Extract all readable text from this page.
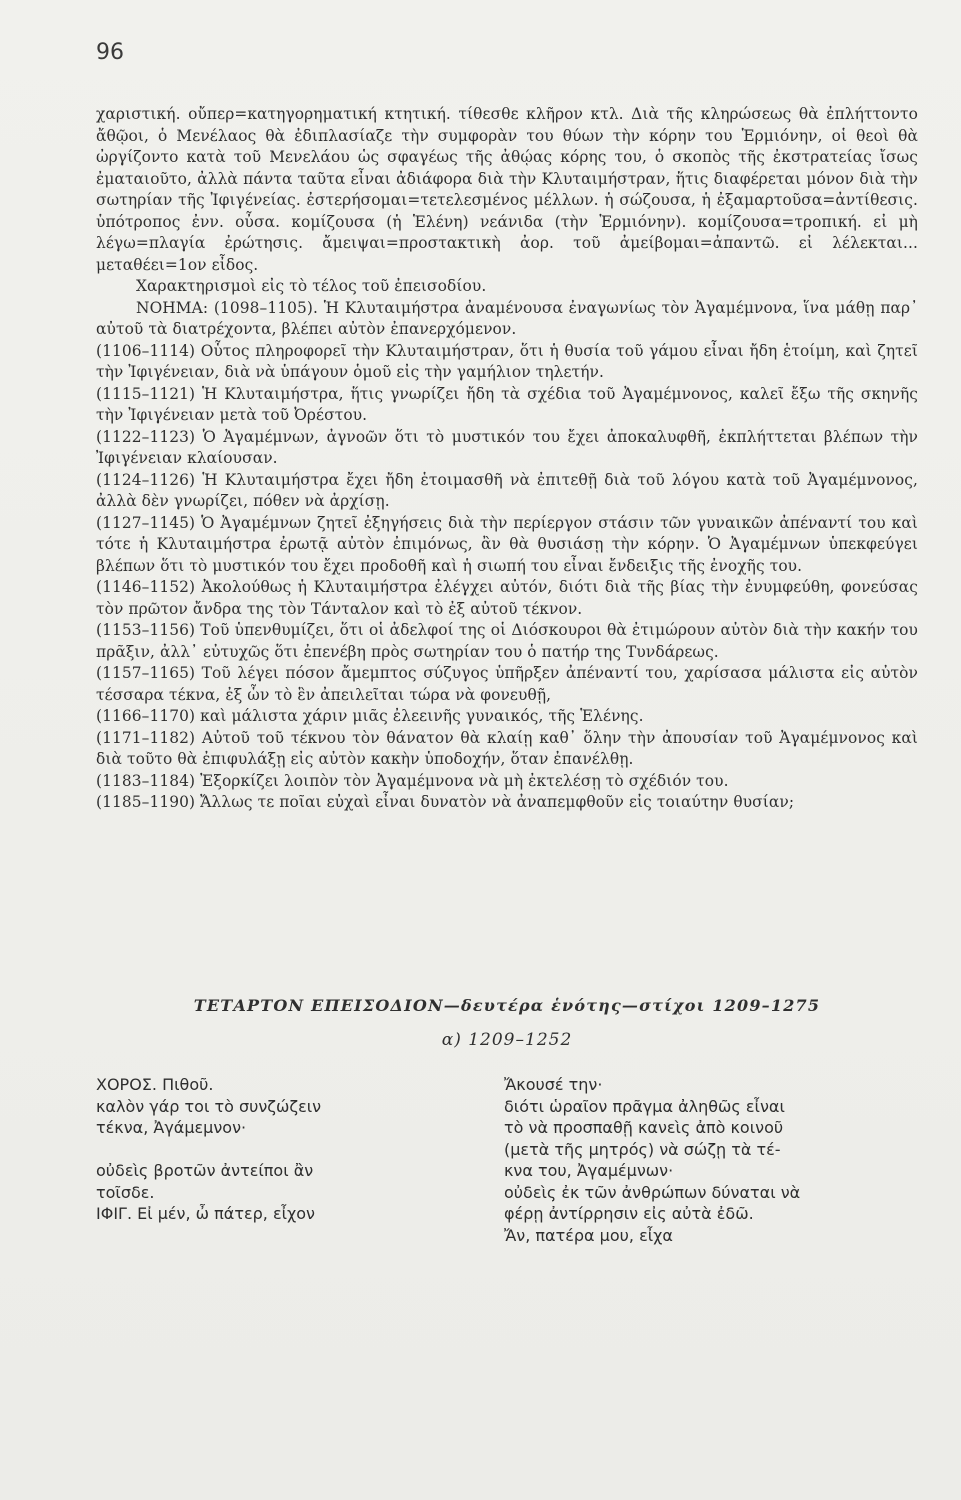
96

χαριστική. οὔπερ=κατηγορηματική κτητική. τίθεσθε κλῆρον κτλ. Διὰ τῆς κληρώσεως θὰ ἐπλήττοντο ἄθῷοι, ὁ Μενέλαος θὰ ἐδιπλασίαζε τὴν συμφορὰν του θύων τὴν κόρην του Ἑρμιόνην, οἱ θεοὶ θὰ ὠργίζοντο κατὰ τοῦ Μενελάου ὡς σφαγέως τῆς ἀθῴας κόρης του, ὁ σκοπὸς τῆς ἐκστρατείας ἴσως ἐματαιοῦτο, ἀλλὰ πάντα ταῦτα εἶναι ἀδιάφορα διὰ τὴν Κλυταιμήστραν, ἥτις διαφέρεται μόνον διὰ τὴν σωτηρίαν τῆς Ἰφιγένείας. ἐστερήσομαι=τετελεσμένος μέλλων. ἡ σώζουσα, ἡ ἐξαμαρτοῦσα=ἀντίθεσις. ὑπότροπος ἐνν. οὖσα. κομίζουσα (ἡ Ἑλένη) νεάνιδα (τὴν Ἑρμιόνην). κομίζουσα=τροπική. εἰ μὴ λέγω=πλαγία ἐρώτησις. ἄμειψαι=προστακτικὴ ἀορ. τοῦ ἀμείβομαι=ἀπαντῶ. εἰ λέλεκται... μεταθέει=1ον εἶδος.

Χαρακτηρισμοὶ εἰς τὸ τέλος τοῦ ἐπεισοδίου.

ΝΟΗΜΑ: (1098–1105). Ἡ Κλυταιμήστρα ἀναμένουσα ἐναγωνίως τὸν Ἀγαμέμνονα, ἵνα μάθῃ παρ᾽ αὐτοῦ τὰ διατρέχοντα, βλέπει αὐτὸν ἐπανερχόμενον.

(1106–1114) Οὗτος πληροφορεῖ τὴν Κλυταιμήστραν, ὅτι ἡ θυσία τοῦ γάμου εἶναι ἤδη ἑτοίμη, καὶ ζητεῖ τὴν Ἰφιγένειαν, διὰ νὰ ὑπάγουν ὁμοῦ εἰς τὴν γαμήλιον τηλετήν.

(1115–1121) Ἡ Κλυταιμήστρα, ἥτις γνωρίζει ἤδη τὰ σχέδια τοῦ Ἀγαμέμνονος, καλεῖ ἔξω τῆς σκηνῆς τὴν Ἰφιγένειαν μετὰ τοῦ Ὀρέστου.

(1122–1123) Ὁ Ἀγαμέμνων, ἀγνοῶν ὅτι τὸ μυστικόν του ἔχει ἀποκαλυφθῆ, ἐκπλήττεται βλέπων τὴν Ἰφιγένειαν κλαίουσαν.

(1124–1126) Ἡ Κλυταιμήστρα ἔχει ἤδη ἑτοιμασθῆ νὰ ἐπιτεθῇ διὰ τοῦ λόγου κατὰ τοῦ Ἀγαμέμνονος, ἀλλὰ δὲν γνωρίζει, πόθεν νὰ ἀρχίσῃ.

(1127–1145) Ὁ Ἀγαμέμνων ζητεῖ ἐξηγήσεις διὰ τὴν περίεργον στάσιν τῶν γυναικῶν ἀπέναντί του καὶ τότε ἡ Κλυταιμήστρα ἐρωτᾷ αὐτὸν ἐπιμόνως, ἂν θὰ θυσιάσῃ τὴν κόρην. Ὁ Ἀγαμέμνων ὑπεκφεύγει βλέπων ὅτι τὸ μυστικόν του ἔχει προδοθῆ καὶ ἡ σιωπή του εἶναι ἔνδειξις τῆς ἐνοχῆς του.

(1146–1152) Ἀκολούθως ἡ Κλυταιμήστρα ἐλέγχει αὐτόν, διότι διὰ τῆς βίας τὴν ἐνυμφεύθη, φονεύσας τὸν πρῶτον ἄνδρα της τὸν Τάνταλον καὶ τὸ ἐξ αὐτοῦ τέκνον.

(1153–1156) Τοῦ ὑπενθυμίζει, ὅτι οἱ ἀδελφοί της οἱ Διόσκουροι θὰ ἐτιμώρουν αὐτὸν διὰ τὴν κακήν του πρᾶξιν, ἀλλ᾽ εὐτυχῶς ὅτι ἐπενέβη πρὸς σωτηρίαν του ὁ πατήρ της Τυνδάρεως.

(1157–1165) Τοῦ λέγει πόσον ἄμεμπτος σύζυγος ὑπῆρξεν ἀπέναντί του, χαρίσασα μάλιστα εἰς αὐτὸν τέσσαρα τέκνα, ἐξ ὧν τὸ ἓν ἀπειλεῖται τώρα νὰ φονευθῇ,

(1166–1170) καὶ μάλιστα χάριν μιᾶς ἐλεεινῆς γυναικός, τῆς Ἑλένης.

(1171–1182) Αὐτοῦ τοῦ τέκνου τὸν θάνατον θὰ κλαίῃ καθ᾽ ὅλην τὴν ἀπουσίαν τοῦ Ἀγαμέμνονος καὶ διὰ τοῦτο θὰ ἐπιφυλάξῃ εἰς αὐτὸν κακὴν ὑποδοχήν, ὅταν ἐπανέλθῃ.

(1183–1184) Ἐξορκίζει λοιπὸν τὸν Ἀγαμέμνονα νὰ μὴ ἐκτελέσῃ τὸ σχέδιόν του.

(1185–1190) Ἄλλως τε ποῖαι εὐχαὶ εἶναι δυνατὸν νὰ ἀναπεμφθοῦν εἰς τοιαύτην θυσίαν;

ΤΕΤΑΡΤΟΝ ΕΠΕΙΣΟΔΙΟΝ—δευτέρα ἑνότης—στίχοι 1209–1275
α) 1209–1252
ΧΟΡΟΣ. Πιθοῦ.
καλὸν γάρ τοι τὸ συνζώζειν
τέκνα, Ἀγάμεμνον·
οὐδεὶς βροτῶν ἀντείποι ἂν
τοῖσδε.
ΙΦΙΓ. Εἰ μέν, ὦ πάτερ, εἶχον
Ἄκουσέ την·
διότι ὡραῖον πρᾶγμα ἀληθῶς εἶναι
τὸ νὰ προσπαθῇ κανεὶς ἀπὸ κοινοῦ
(μετὰ τῆς μητρός) νὰ σώζῃ τὰ τέ-
κνα του, Ἀγαμέμνων·
οὐδεὶς ἐκ τῶν ἀνθρώπων δύναται νὰ
φέρῃ ἀντίρρησιν εἰς αὐτὰ ἐδῶ.
Ἄν, πατέρα μου, εἶχα
